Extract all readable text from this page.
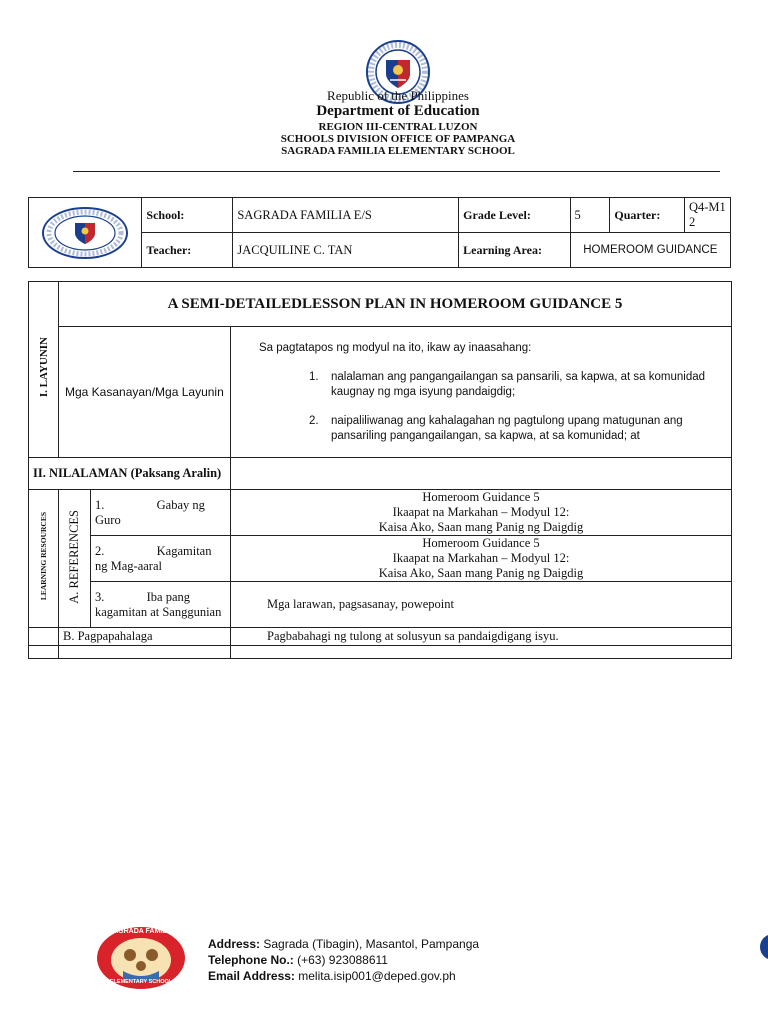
Republic of the Philippines
Department of Education
REGION III-CENTRAL LUZON
SCHOOLS DIVISION OFFICE OF PAMPANGA
SAGRADA FAMILIA ELEMENTARY SCHOOL
	School:	SAGRADA FAMILIA E/S	Grade Level:	5	Quarter:	Q4-M12
	Teacher:	JACQUILINE C. TAN	Learning Area:	HOMEROOM GUIDANCE		
I. LAYUNIN	A SEMI-DETAILEDLESSON PLAN IN HOMEROOM GUIDANCE 5		
	Mga Kasanayan/Mga Layunin		Sa pagtatapos ng modyul na ito, ikaw ay inaasahang:
1. nalalaman ang pangangailangan sa pansarili, sa kapwa, at sa komunidad kaugnay ng mga isyung pandaigdig;
2. naipaliliwanag ang kahalagahan ng pagtulong upang matugunan ang pansariling pangangailangan, sa kapwa, at sa komunidad; at

II. NILALAMAN (Paksang Aralin)			
LEARNING RESOURCES	A. REFERENCES	1. Gabay ng Guro	Homeroom Guidance 5
Ikaapat na Markahan – Modyul 12:
Kaisa Ako, Saan mang Panig ng Daigdig

		2. Kagamitan ng Mag-aaral	Homeroom Guidance 5
Ikaapat na Markahan – Modyul 12:
Kaisa Ako, Saan mang Panig ng Daigdig

		3. Iba pang kagamitan at Sanggunian	Mga larawan, pagsasanay, powepoint
	B. Pagpapahalaga		Pagbabahagi ng tulong at solusyun sa pandaigdigang isyu.

SAGRADA FAMILIA
ELEMENTARY SCHOOL
Address: Sagrada (Tibagin), Masantol, Pampanga
Telephone No.: (+63) 923088611
Email Address: melita.isip001@deped.gov.ph
